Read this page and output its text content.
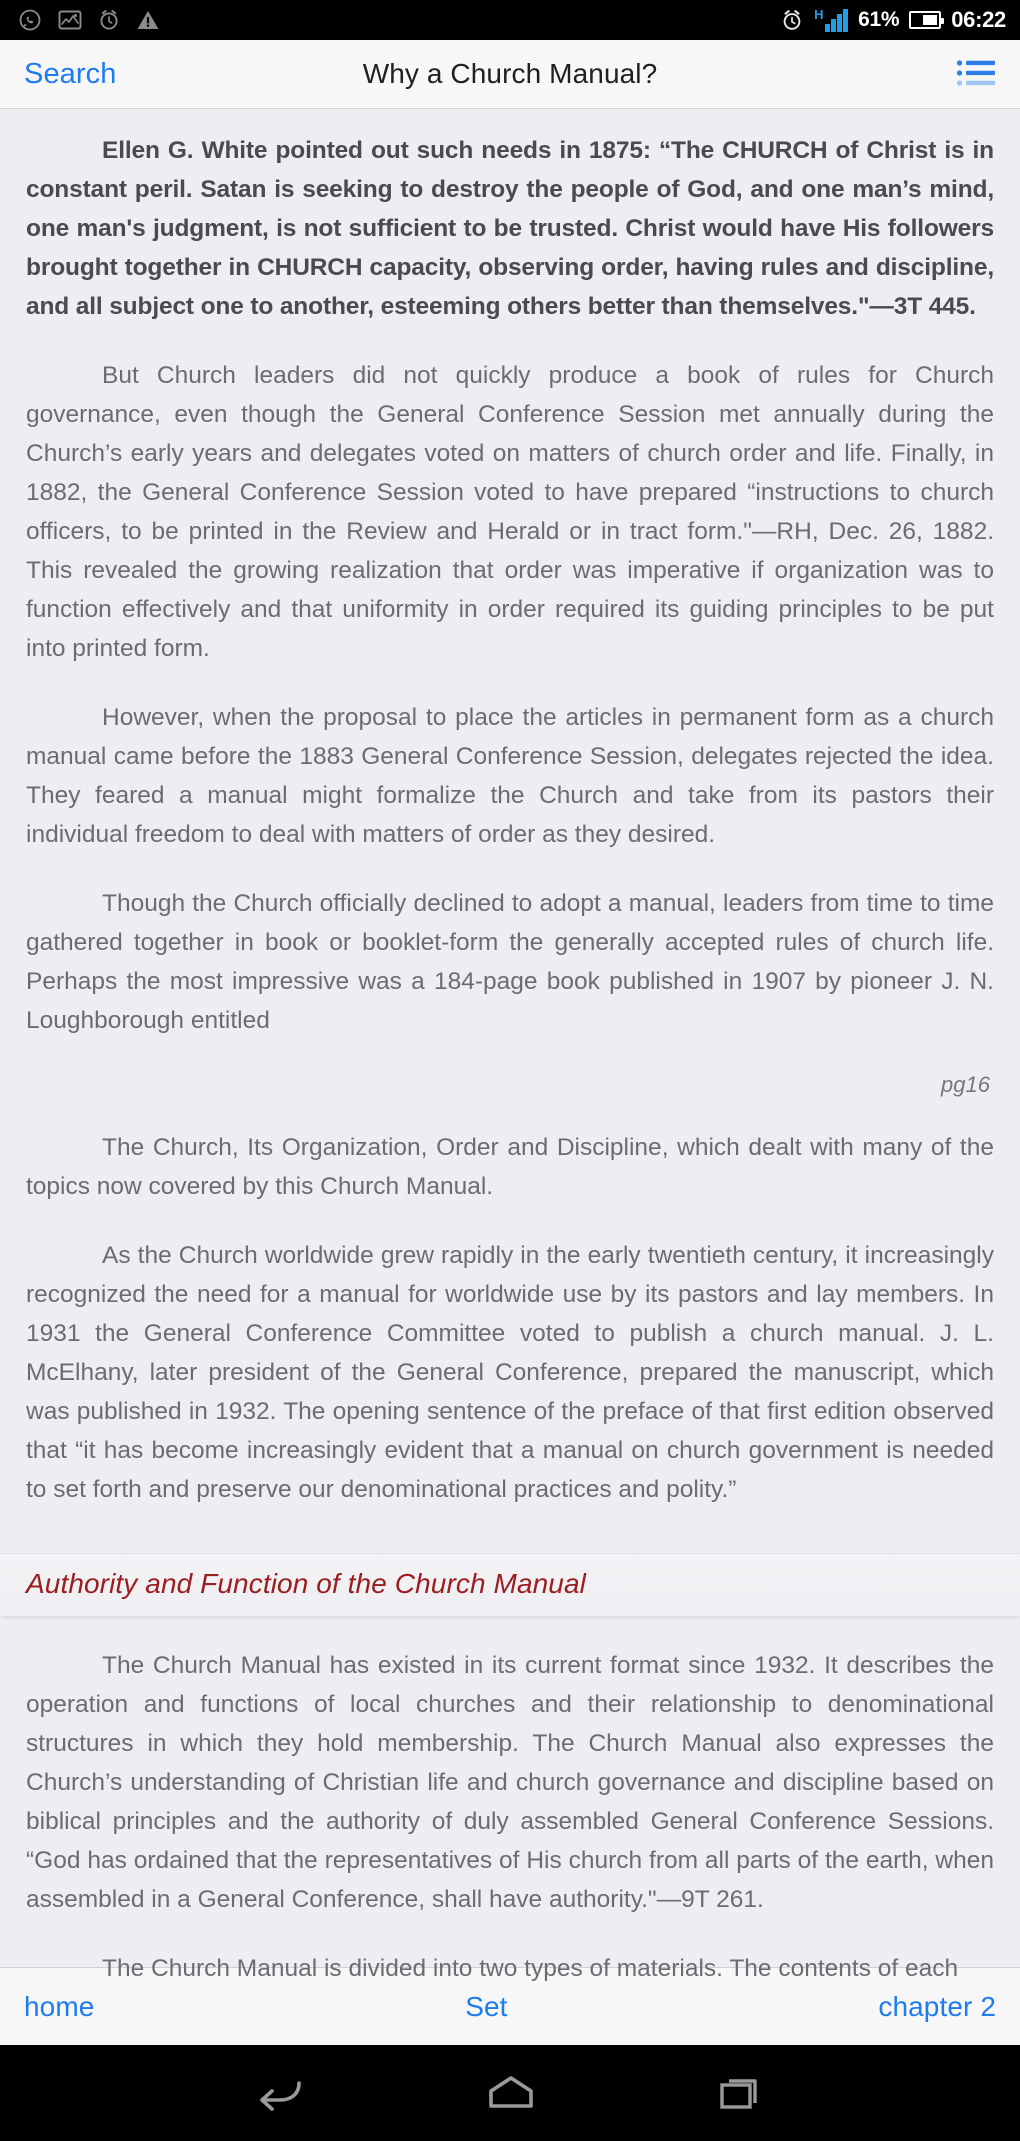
H 61% 06:22
Search	Why a Church Manual?

Ellen G. White pointed out such needs in 1875: “The CHURCH of Christ is in constant peril. Satan is seeking to destroy the people of God, and one man’s mind, one man's judgment, is not sufficient to be trusted. Christ would have His followers brought together in CHURCH capacity, observing order, having rules and discipline, and all subject one to another, esteeming others better than themselves."—3T 445.

But Church leaders did not quickly produce a book of rules for Church governance, even though the General Conference Session met annually during the Church’s early years and delegates voted on matters of church order and life. Finally, in 1882, the General Conference Session voted to have prepared “instructions to church officers, to be printed in the Review and Herald or in tract form."—RH, Dec. 26, 1882. This revealed the growing realization that order was imperative if organization was to function effectively and that uniformity in order required its guiding principles to be put into printed form.

However, when the proposal to place the articles in permanent form as a church manual came before the 1883 General Conference Session, delegates rejected the idea. They feared a manual might formalize the Church and take from its pastors their individual freedom to deal with matters of order as they desired.

Though the Church officially declined to adopt a manual, leaders from time to time gathered together in book or booklet-form the generally accepted rules of church life. Perhaps the most impressive was a 184-page book published in 1907 by pioneer J. N. Loughborough entitled

pg16

The Church, Its Organization, Order and Discipline, which dealt with many of the topics now covered by this Church Manual.

As the Church worldwide grew rapidly in the early twentieth century, it increasingly recognized the need for a manual for worldwide use by its pastors and lay members. In 1931 the General Conference Committee voted to publish a church manual. J. L. McElhany, later president of the General Conference, prepared the manuscript, which was published in 1932. The opening sentence of the preface of that first edition observed that “it has become increasingly evident that a manual on church government is needed to set forth and preserve our denominational practices and polity.”

Authority and Function of the Church Manual

The Church Manual has existed in its current format since 1932. It describes the operation and functions of local churches and their relationship to denominational structures in which they hold membership. The Church Manual also expresses the Church’s understanding of Christian life and church governance and discipline based on biblical principles and the authority of duly assembled General Conference Sessions. “God has ordained that the representatives of His church from all parts of the earth, when assembled in a General Conference, shall have authority."—9T 261.

home	Set	chapter 2
